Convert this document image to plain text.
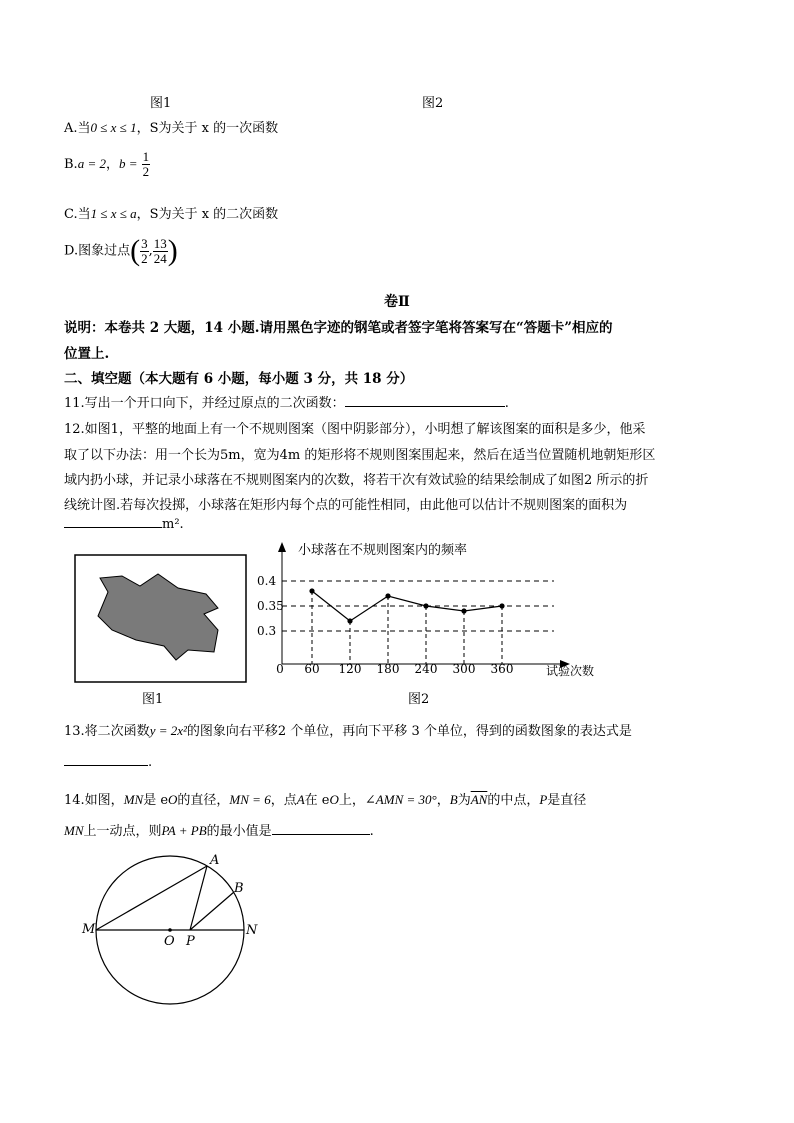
图1	图2
A.当0 ≤ x ≤ 1，S为关于 x 的一次函数
B.a = 2，$b = \frac{1}{2}$
C.当1 ≤ x ≤ a，S为关于 x 的二次函数
D.图象过点( $\frac{3}{2}$ , $\frac{13}{24}$ )
卷Ⅱ
说明：本卷共 2 大题，14 小题.请用黑色字迹的钢笔或者签字笔将答案写在“答题卡”相应的
位置上.
二、填空题（本大题有 6 小题，每小题 3 分，共 18 分）
11.写出一个开口向下，并经过原点的二次函数：	.
12.如图1，平整的地面上有一个不规则图案（图中阴影部分），小明想了解该图案的面积是多少，他采
取了以下办法：用一个长为5m，宽为4m 的矩形将不规则图案围起来，然后在适当位置随机地朝矩形区
域内扔小球，并记录小球落在不规则图案内的次数，将若干次有效试验的结果绘制成了如图2 所示的折
线统计图.若每次投掷，小球落在矩形内每个点的可能性相同，由此他可以估计不规则图案的面积为
m².
图1
小球落在不规则图案内的频率
0.3
0.35
0.4
0 60 120 180 240 300 360	试验次数
图2
13.将二次函数y = 2x²的图象向右平移2 个单位，再向下平移 3 个单位，得到的函数图象的表达式是
.
14.如图，MN是 eO的直径，MN = 6，点A在 eO上，∠AMN = 30°，B为$\overline{AN}$的中点，P是直径
MN上一动点，则PA + PB的最小值是	.
M	N
O P
A
B
